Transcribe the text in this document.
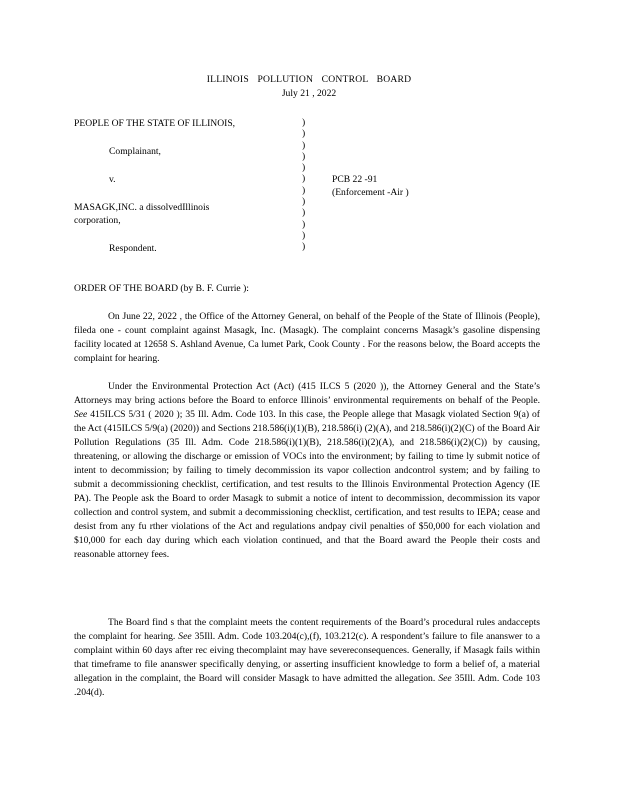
ILLINOIS POLLUTION CONTROL BOARD
July 21 , 2022
PEOPLE OF THE STATE OF ILLINOIS,
Complainant,
v.
MASAGK,INC. a dissolvedIllinois
corporation,
Respondent.
PCB 22 -91
(Enforcement -Air )
)
)
)
)
)
)
)
)
)
)
)
)
ORDER OF THE BOARD (by B. F. Currie ):
On June 22, 2022 , the Office of the Attorney General, on behalf of the People of the State of Illinois (People), fileda one - count complaint against Masagk, Inc. (Masagk). The complaint concerns Masagk’s gasoline dispensing facility located at 12658 S. Ashland Avenue, Ca lumet Park, Cook County . For the reasons below, the Board accepts the complaint for hearing.
Under the Environmental Protection Act (Act) (415 ILCS 5 (2020 )), the Attorney General and the State’s Attorneys may bring actions before the Board to enforce Illinois’ environmental requirements on behalf of the People. See 415ILCS 5/31 ( 2020 ); 35 Ill. Adm. Code 103. In this case, the People allege that Masagk violated Section 9(a) of the Act (415ILCS 5/9(a) (2020)) and Sections 218.586(i)(1)(B), 218.586(i) (2)(A), and 218.586(i)(2)(C) of the Board Air Pollution Regulations (35 Ill. Adm. Code 218.586(i)(1)(B), 218.586(i)(2)(A), and 218.586(i)(2)(C)) by causing, threatening, or allowing the discharge or emission of VOCs into the environment; by failing to time ly submit notice of intent to decommission; by failing to timely decommission its vapor collection andcontrol system; and by failing to submit a decommissioning checklist, certification, and test results to the Illinois Environmental Protection Agency (IE PA). The People ask the Board to order Masagk to submit a notice of intent to decommission, decommission its vapor collection and control system, and submit a decommissioning checklist, certification, and test results to IEPA; cease and desist from any fu rther violations of the Act and regulations andpay civil penalties of $50,000 for each violation and $10,000 for each day during which each violation continued, and that the Board award the People their costs and reasonable attorney fees.
The Board find s that the complaint meets the content requirements of the Board’s procedural rules andaccepts the complaint for hearing. See 35Ill. Adm. Code 103.204(c),(f), 103.212(c). A respondent’s failure to file ananswer to a complaint within 60 days after rec eiving thecomplaint may have severeconsequences. Generally, if Masagk fails within that timeframe to file ananswer specifically denying, or asserting insufficient knowledge to form a belief of, a material allegation in the complaint, the Board will consider Masagk to have admitted the allegation. See 35Ill. Adm. Code 103 .204(d).
